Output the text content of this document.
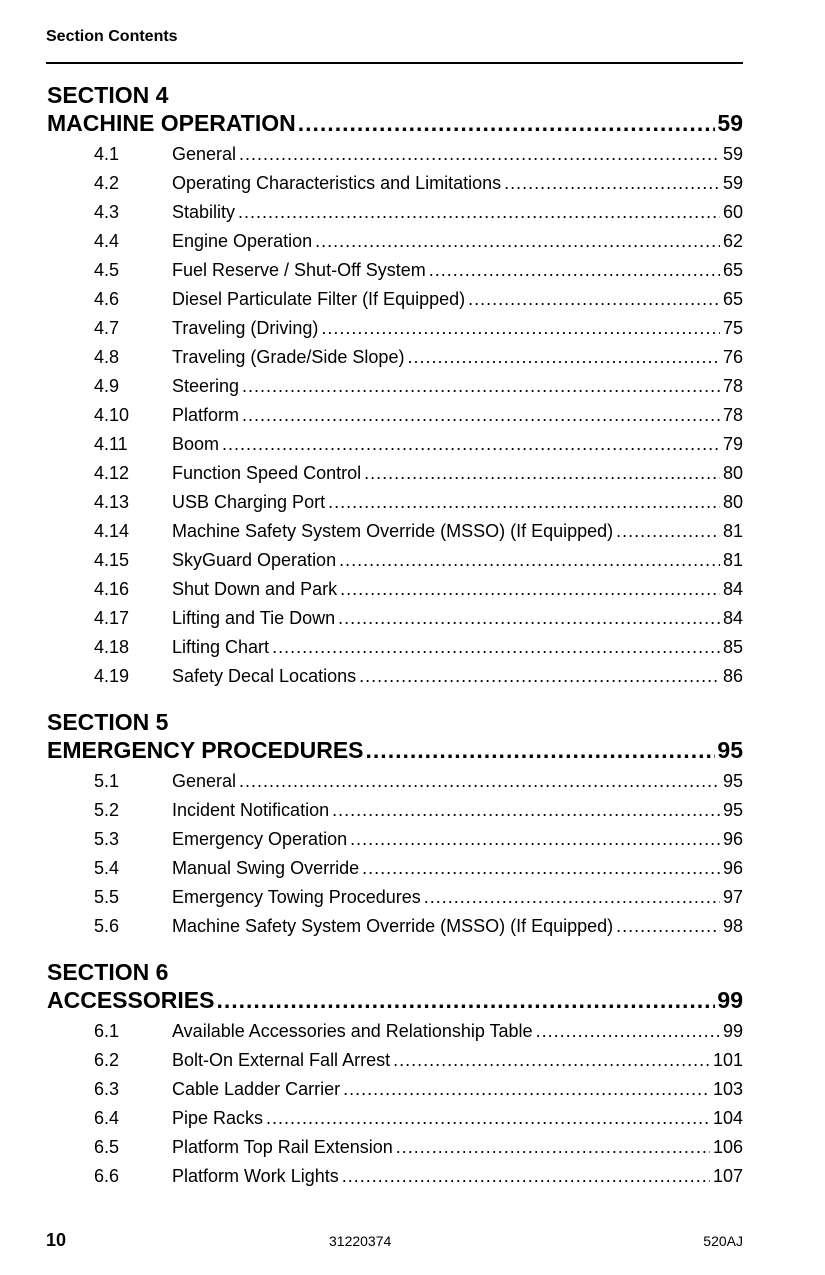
Section Contents
SECTION 4
MACHINE OPERATION .....	59
4.1	General .....	59
4.2	Operating Characteristics and Limitations .....	59
4.3	Stability .....	60
4.4	Engine Operation .....	62
4.5	Fuel Reserve / Shut-Off System .....	65
4.6	Diesel Particulate Filter (If Equipped) .....	65
4.7	Traveling (Driving) .....	75
4.8	Traveling (Grade/Side Slope) .....	76
4.9	Steering .....	78
4.10	Platform .....	78
4.11	Boom .....	79
4.12	Function Speed Control .....	80
4.13	USB Charging Port .....	80
4.14	Machine Safety System Override (MSSO) (If Equipped) .....	81
4.15	SkyGuard Operation .....	81
4.16	Shut Down and Park .....	84
4.17	Lifting and Tie Down .....	84
4.18	Lifting Chart .....	85
4.19	Safety Decal Locations .....	86
SECTION 5
EMERGENCY PROCEDURES .....	95
5.1	General .....	95
5.2	Incident Notification .....	95
5.3	Emergency Operation .....	96
5.4	Manual Swing Override .....	96
5.5	Emergency Towing Procedures .....	97
5.6	Machine Safety System Override (MSSO) (If Equipped) .....	98
SECTION 6
ACCESSORIES .....	99
6.1	Available Accessories and Relationship Table .....	99
6.2	Bolt-On External Fall Arrest .....	101
6.3	Cable Ladder Carrier .....	103
6.4	Pipe Racks .....	104
6.5	Platform Top Rail Extension .....	106
6.6	Platform Work Lights .....	107
10	31220374	520AJ
